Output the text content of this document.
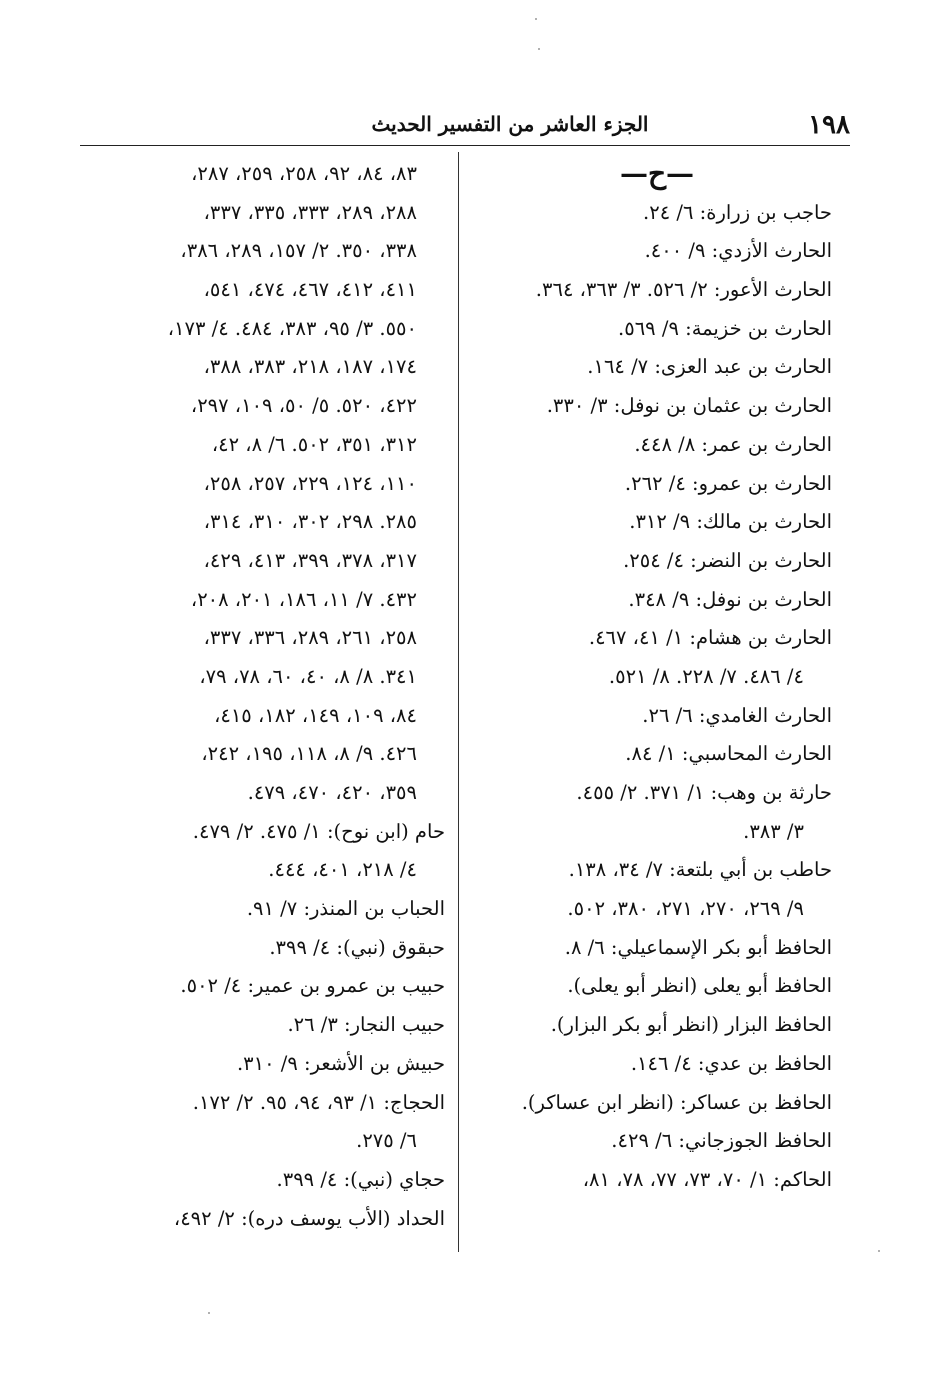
١٩٨
الجزء العاشر من التفسير الحديث
—ح—
حاجب بن زرارة: ٦/ ٢٤.
الحارث الأزدي: ٩/ ٤٠٠.
الحارث الأعور: ٢/ ٥٢٦. ٣/ ٣٦٣، ٣٦٤.
الحارث بن خزيمة: ٩/ ٥٦٩.
الحارث بن عبد العزى: ٧/ ١٦٤.
الحارث بن عثمان بن نوفل: ٣/ ٣٣٠.
الحارث بن عمر: ٨/ ٤٤٨.
الحارث بن عمرو: ٤/ ٢٦٢.
الحارث بن مالك: ٩/ ٣١٢.
الحارث بن النضر: ٤/ ٢٥٤.
الحارث بن نوفل: ٩/ ٣٤٨.
الحارث بن هشام: ١/ ٤١، ٤٦٧.
٤/ ٤٨٦. ٧/ ٢٢٨. ٨/ ٥٢١.
الحارث الغامدي: ٦/ ٢٦.
الحارث المحاسبي: ١/ ٨٤.
حارثة بن وهب: ١/ ٣٧١. ٢/ ٤٥٥.
٣/ ٣٨٣.
حاطب بن أبي بلتعة: ٧/ ٣٤، ١٣٨.
٩/ ٢٦٩، ٢٧٠، ٢٧١، ٣٨٠، ٥٠٢.
الحافظ أبو بكر الإسماعيلي: ٦/ ٨.
الحافظ أبو يعلى (انظر أبو يعلى).
الحافظ البزار (انظر أبو بكر البزار).
الحافظ بن عدي: ٤/ ١٤٦.
الحافظ بن عساكر: (انظر ابن عساكر).
الحافظ الجوزجاني: ٦/ ٤٢٩.
الحاكم: ١/ ٧٠، ٧٣، ٧٧، ٧٨، ٨١،
٨٣، ٨٤، ٩٢، ٢٥٨، ٢٥٩، ٢٨٧،
٢٨٨، ٢٨٩، ٣٣٣، ٣٣٥، ٣٣٧،
٣٣٨، ٣٥٠. ٢/ ١٥٧، ٢٨٩، ٣٨٦،
٤١١، ٤١٢، ٤٦٧، ٤٧٤، ٥٤١،
٥٥٠. ٣/ ٩٥، ٣٨٣، ٤٨٤. ٤/ ١٧٣،
١٧٤، ١٨٧، ٢١٨، ٣٨٣، ٣٨٨،
٤٢٢، ٥٢٠. ٥/ ٥٠، ١٠٩، ٢٩٧،
٣١٢، ٣٥١، ٥٠٢. ٦/ ٨، ٤٢،
١١٠، ١٢٤، ٢٢٩، ٢٥٧، ٢٥٨،
٢٨٥. ٢٩٨، ٣٠٢، ٣١٠، ٣١٤،
٣١٧، ٣٧٨، ٣٩٩، ٤١٣، ٤٢٩،
٤٣٢. ٧/ ١١، ١٨٦، ٢٠١، ٢٠٨،
٢٥٨، ٢٦١، ٢٨٩، ٣٣٦، ٣٣٧،
٣٤١. ٨/ ٨، ٤٠، ٦٠، ٧٨، ٧٩،
٨٤، ١٠٩، ١٤٩، ١٨٢، ٤١٥،
٤٢٦. ٩/ ٨، ١١٨، ١٩٥، ٢٤٢،
٣٥٩، ٤٢٠، ٤٧٠، ٤٧٩.
حام (ابن نوح): ١/ ٤٧٥. ٢/ ٤٧٩.
٤/ ٢١٨، ٤٠١، ٤٤٤.
الحباب بن المنذر: ٧/ ٩١.
حبقوق (نبي): ٤/ ٣٩٩.
حبيب بن عمرو بن عمير: ٤/ ٥٠٢.
حبيب النجار: ٣/ ٢٦.
حبيش بن الأشعر: ٩/ ٣١٠.
الحجاج: ١/ ٩٣، ٩٤، ٩٥. ٢/ ١٧٢.
٦/ ٢٧٥.
حجاي (نبي): ٤/ ٣٩٩.
الحداد (الأب يوسف دره): ٢/ ٤٩٢،
